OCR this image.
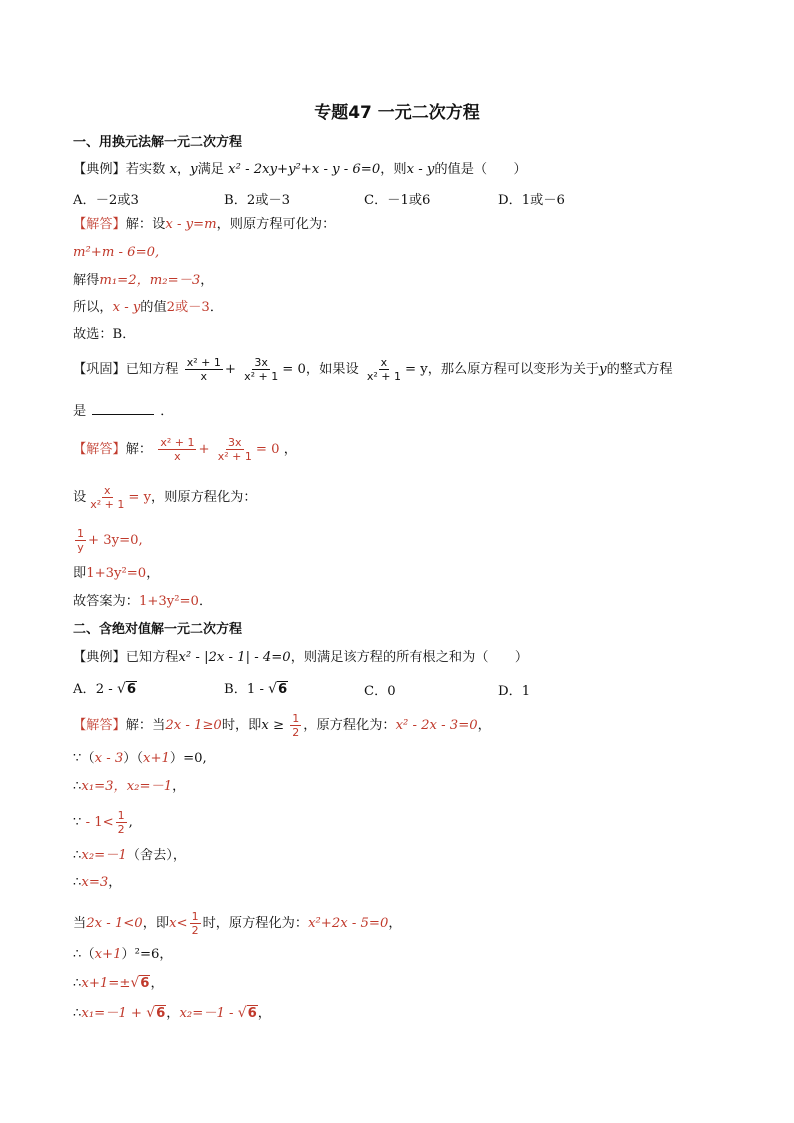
专题47 一元二次方程
一、用换元法解一元二次方程
【典例】若实数 x，y满足 x² - 2xy+y²+x - y - 6=0，则x - y的值是（　　）
A．－2或3	B．2或－3	C．－1或6	D．1或－6
【解答】解：设x - y=m，则原方程可化为：
m²+m - 6=0,
解得m₁=2，m₂=－3，
所以，x - y的值2或－3．
故选：B．
【巩固】已知方程 $\frac{\text{x² + 1}}{x} + \frac{3x}{\text{x² + 1}} = 0$，如果设 $\frac{x}{\text{x² + 1}} = y$，那么原方程可以变形为关于y的整式方程
是	．
【解答】解： $\frac{\text{x² + 1}}{x} + \frac{3x}{\text{x² + 1}} = 0$ ，
设 $\frac{x}{\text{x² + 1}} = y$，则原方程化为：
$\frac{1}{y} + 3y=0$,
即1+3y²=0，
故答案为：1+3y²=0．
二、含绝对值解一元二次方程
【典例】已知方程x² - |2x - 1| - 4=0，则满足该方程的所有根之和为（　　）
A．2 - √6	B．1 - √6	C．0	D．1
【解答】解：当2x - 1≥0时，即$x \ge \frac{1}{2}$ ，原方程化为：x² - 2x - 3=0，
∵（x - 3）（x+1）=0,
∴x₁=3，x₂=－1，
∵ - $1< \frac{1}{2}$ ,
∴x₂=－1（舍去），
∴x=3，
当2x - 1<0，即$x< \frac{1}{2}$ 时，原方程化为：x²+2x - 5=0，
∴（x+1）²=6，
∴x+1=±√6，
∴x₁=－1 + √6，x₂=－1 - √6，
